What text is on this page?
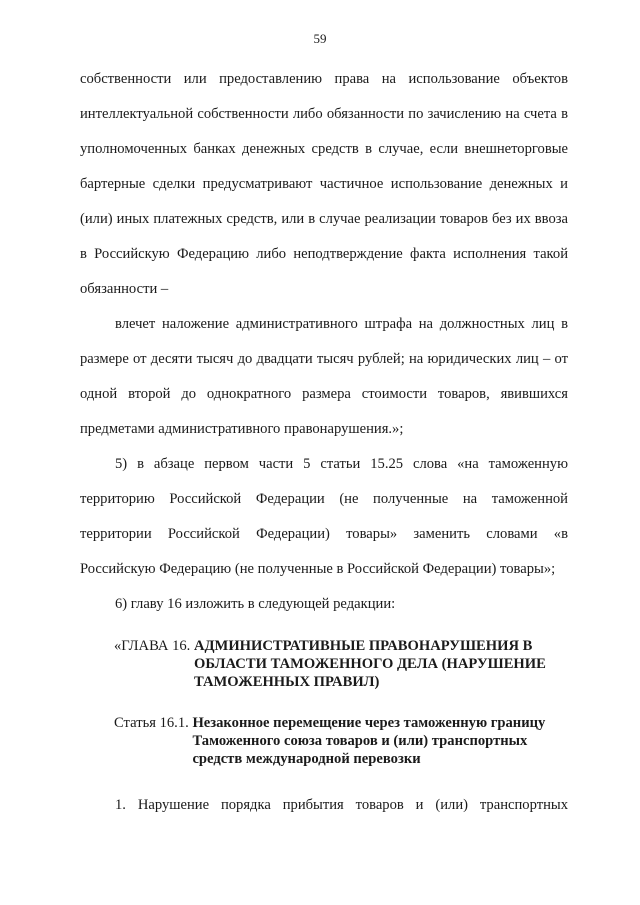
59

собственности или предоставлению права на использование объектов интеллектуальной собственности либо обязанности по зачислению на счета в уполномоченных банках денежных средств в случае, если внешнеторговые бартерные сделки предусматривают частичное использование денежных и (или) иных платежных средств, или в случае реализации товаров без их ввоза в Российскую Федерацию либо неподтверждение факта исполнения такой обязанности –

влечет наложение административного штрафа на должностных лиц в размере от десяти тысяч до двадцати тысяч рублей; на юридических лиц – от одной второй до однократного размера стоимости товаров, явившихся предметами административного правонарушения.»;

5) в абзаце первом части 5 статьи 15.25 слова «на таможенную территорию Российской Федерации (не полученные на таможенной территории Российской Федерации) товары» заменить словами «в Российскую Федерацию (не полученные в Российской Федерации) товары»;

6) главу 16 изложить в следующей редакции:

«ГЛАВА 16. АДМИНИСТРАТИВНЫЕ ПРАВОНАРУШЕНИЯ В ОБЛАСТИ ТАМОЖЕННОГО ДЕЛА (НАРУШЕНИЕ ТАМОЖЕННЫХ ПРАВИЛ)
Статья 16.1. Незаконное перемещение через таможенную границу Таможенного союза товаров и (или) транспортных средств международной перевозки

1. Нарушение порядка прибытия товаров и (или) транспортных
